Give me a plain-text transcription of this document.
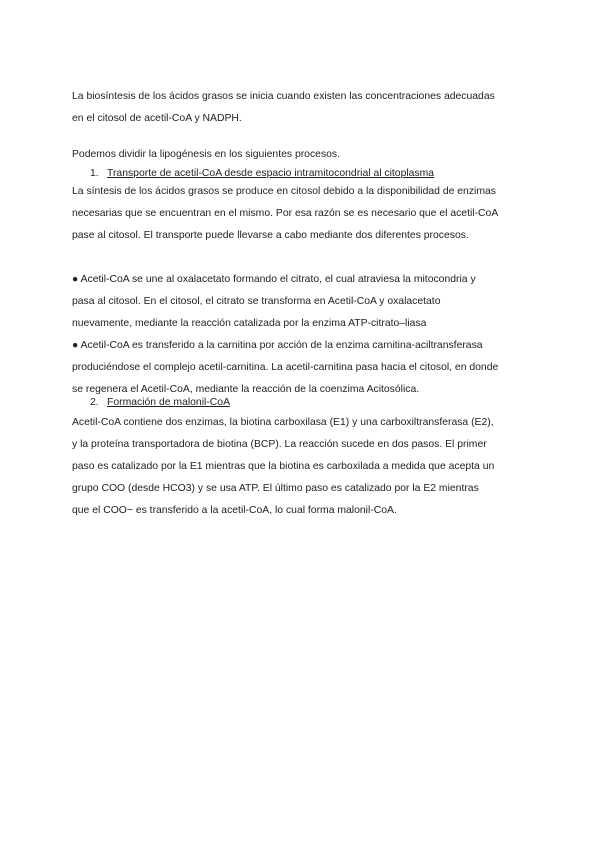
La biosíntesis de los ácidos grasos se inicia cuando existen las concentraciones adecuadas
en el citosol de acetil-CoA y NADPH.
Podemos dividir la lipogénesis en los siguientes procesos.
1. Transporte de acetil-CoA desde espacio intramitocondrial al citoplasma
La síntesis de los ácidos grasos se produce en citosol debido a la disponibilidad de enzimas
necesarias que se encuentran en el mismo. Por esa razón se es necesario que el acetil-CoA
pase al citosol. El transporte puede llevarse a cabo mediante dos diferentes procesos.
● Acetil-CoA se une al oxalacetato formando el citrato, el cual atraviesa la mitocondria y
pasa al citosol. En el citosol, el citrato se transforma en Acetil-CoA y oxalacetato
nuevamente, mediante la reacción catalizada por la enzima ATP-citrato–liasa
● Acetil-CoA es transferido a la carnitina por acción de la enzima carnitina-aciltransferasa
produciéndose el complejo acetil-carnitina. La acetil-carnitina pasa hacia el citosol, en donde
se regenera el Acetil-CoA, mediante la reacción de la coenzima Acitosólica.
2. Formación de malonil-CoA
Acetil-CoA contiene dos enzimas, la biotina carboxilasa (E1) y una carboxiltransferasa (E2),
y la proteína transportadora de biotina (BCP). La reacción sucede en dos pasos. El primer
paso es catalizado por la E1 mientras que la biotina es carboxilada a medida que acepta un
grupo COO (desde HCO3) y se usa ATP. El último paso es catalizado por la E2 mientras
que el COO− es transferido a la acetil-CoA, lo cual forma malonil-CoA.
